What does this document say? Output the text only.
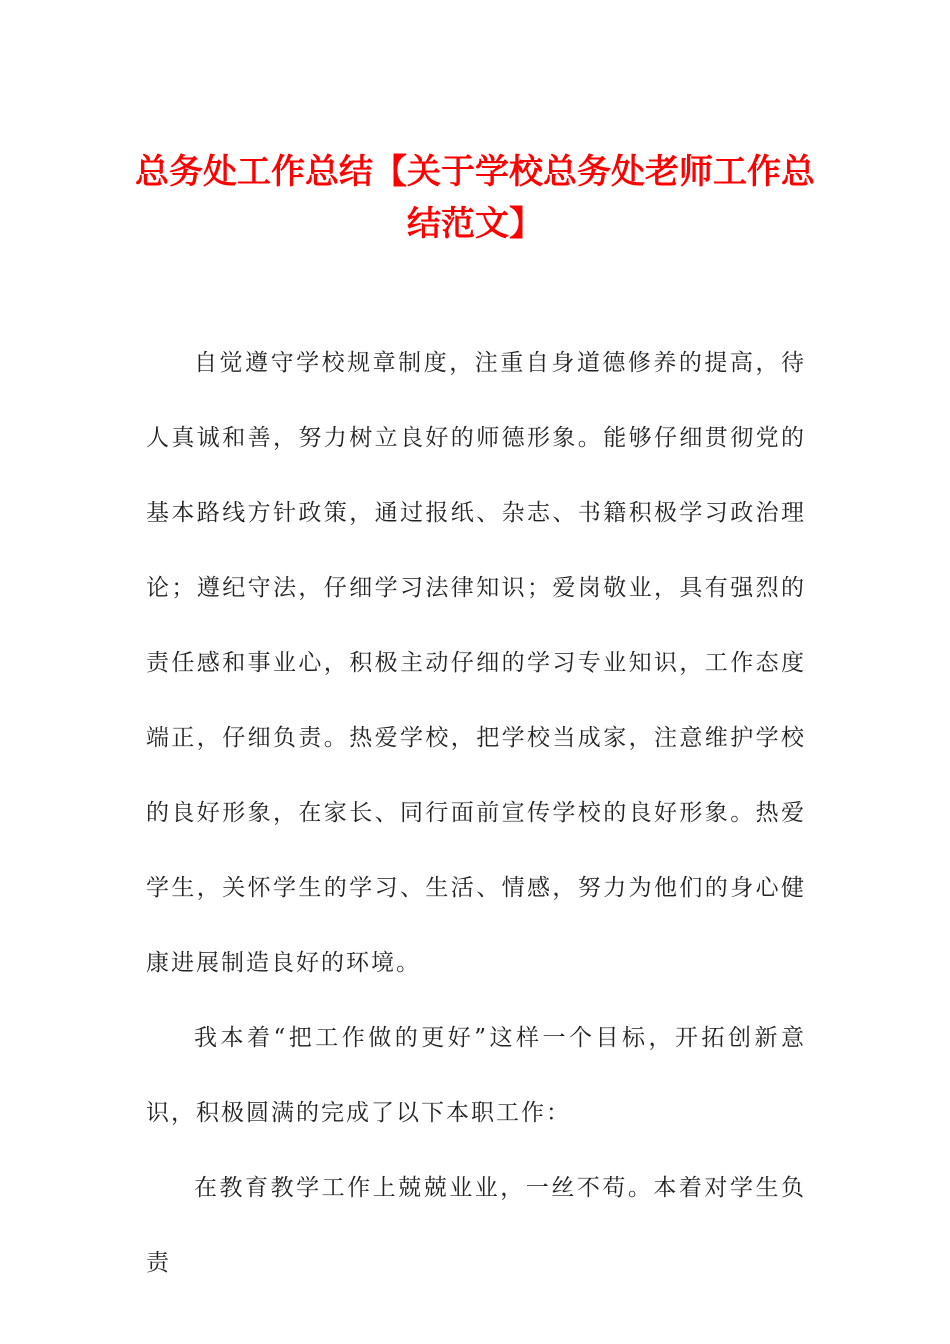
总务处工作总结【关于学校总务处老师工作总结范文】

自觉遵守学校规章制度，注重自身道德修养的提高，待人真诚和善，努力树立良好的师德形象。能够仔细贯彻党的基本路线方针政策，通过报纸、杂志、书籍积极学习政治理论；遵纪守法，仔细学习法律知识；爱岗敬业，具有强烈的责任感和事业心，积极主动仔细的学习专业知识，工作态度端正，仔细负责。热爱学校，把学校当成家，注意维护学校的良好形象，在家长、同行面前宣传学校的良好形象。热爱学生，关怀学生的学习、生活、情感，努力为他们的身心健康进展制造良好的环境。

我本着“把工作做的更好”这样一个目标，开拓创新意识，积极圆满的完成了以下本职工作：

在教育教学工作上兢兢业业，一丝不苟。本着对学生负责
